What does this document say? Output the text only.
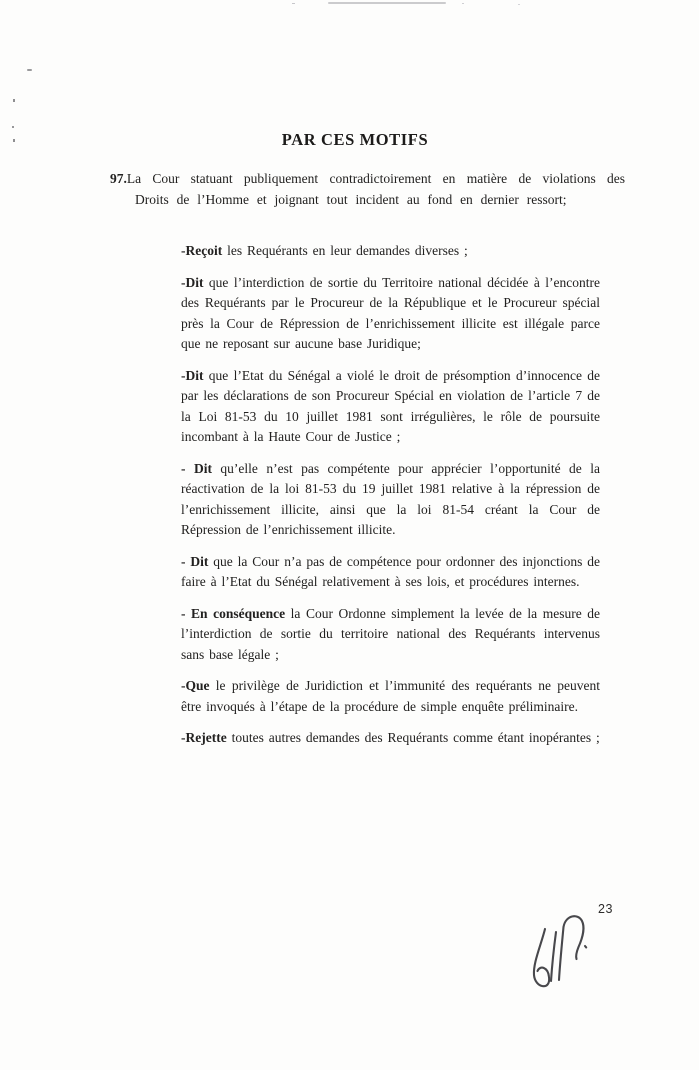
PAR CES MOTIFS
97.La Cour statuant publiquement contradictoirement en matière de violations des Droits de l’Homme et joignant tout incident au fond en dernier ressort;

-Reçoit les Requérants en leur demandes diverses ;

-Dit que l’interdiction de sortie du Territoire national décidée à l’encontre des Requérants par le Procureur de la République et le Procureur spécial près la Cour de Répression de l’enrichissement illicite est illégale parce que ne reposant sur aucune base Juridique;

-Dit que l’Etat du Sénégal a violé le droit de présomption d’innocence de par les déclarations de son Procureur Spécial en violation de l’article 7 de la Loi 81-53 du 10 juillet 1981 sont irrégulières, le rôle de poursuite incombant à la Haute Cour de Justice ;

- Dit qu’elle n’est pas compétente pour apprécier l’opportunité de la réactivation de la loi 81-53 du 19 juillet 1981 relative à la répression de l’enrichissement illicite, ainsi que la loi 81-54 créant la Cour de Répression de l’enrichissement illicite.

- Dit que la Cour n’a pas de compétence pour ordonner des injonctions de faire à l’Etat du Sénégal relativement à ses lois, et procédures internes.

- En conséquence la Cour Ordonne simplement la levée de la mesure de l’interdiction de sortie du territoire national des Requérants intervenus sans base légale ;

-Que le privilège de Juridiction et l’immunité des requérants ne peuvent être invoqués à l’étape de la procédure de simple enquête préliminaire.

-Rejette toutes autres demandes des Requérants comme étant inopérantes ;

23
